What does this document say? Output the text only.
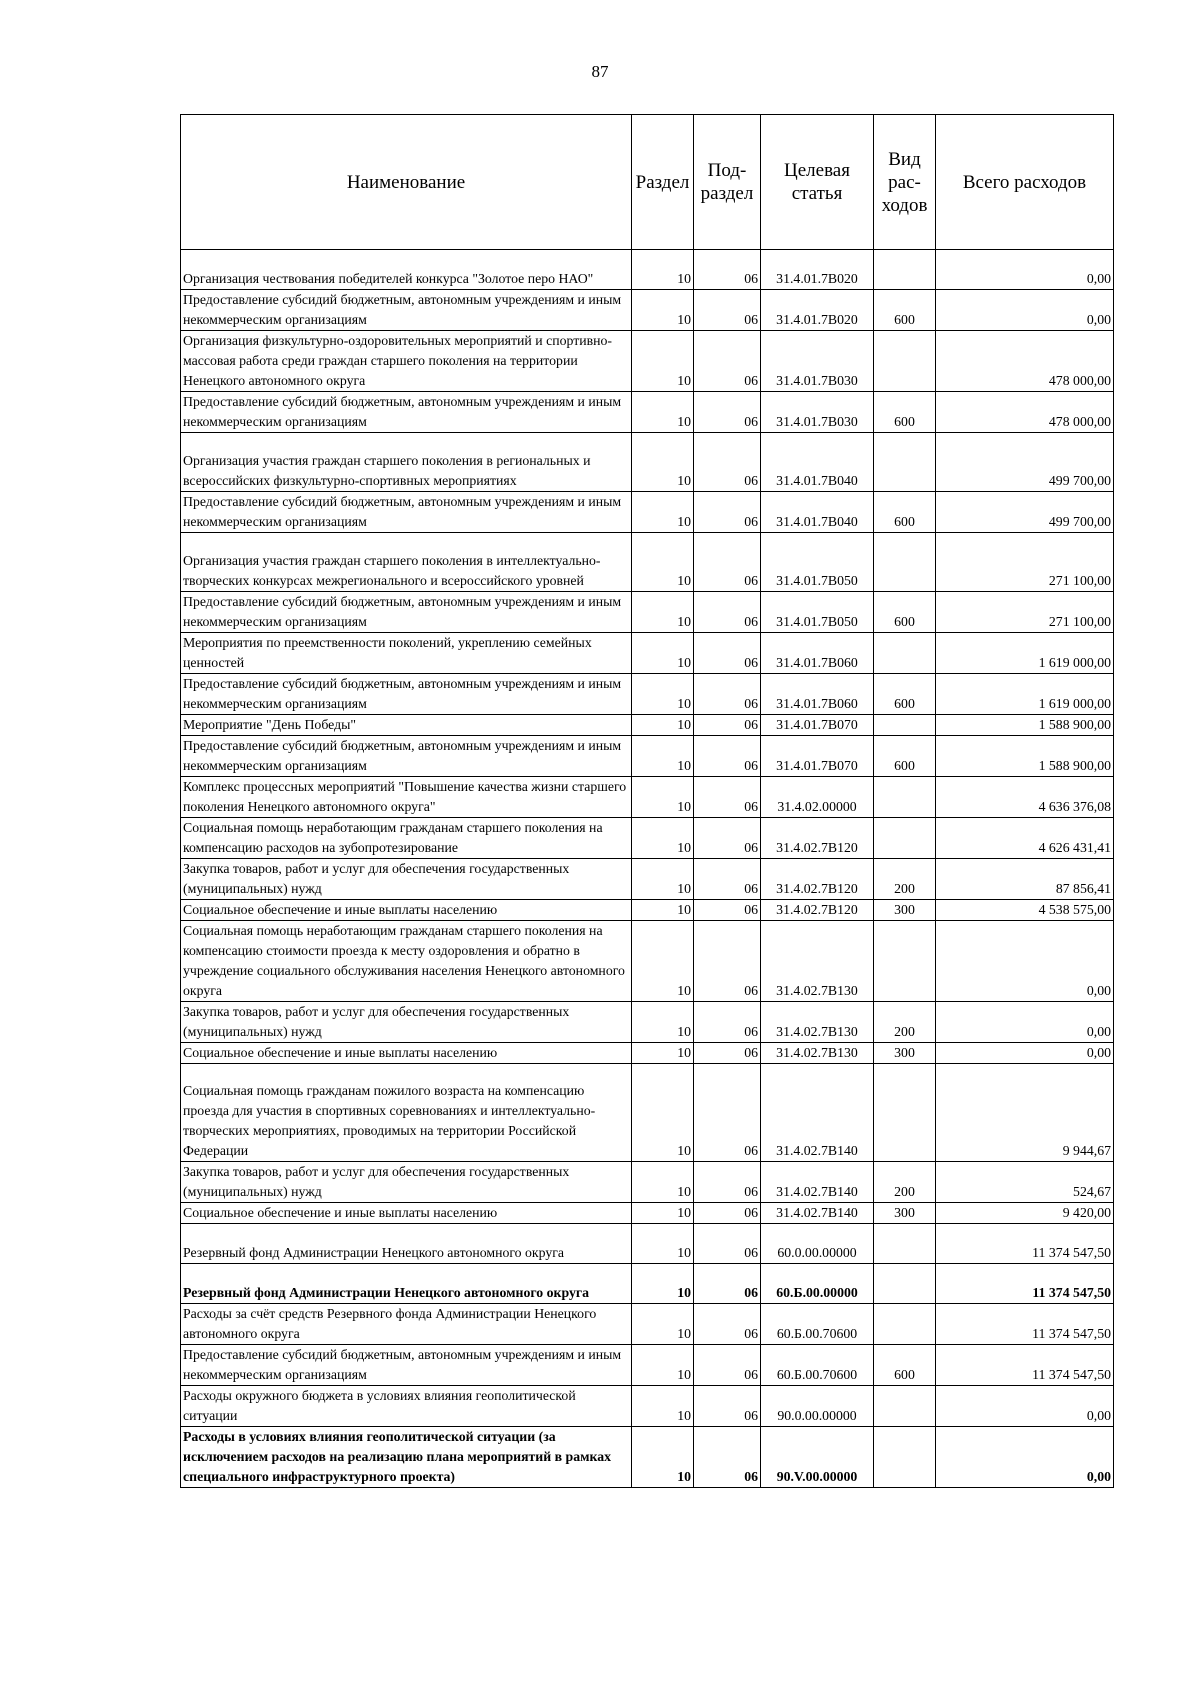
87
Наименование	Раздел	Под-раздел	Целевая статья	Вид рас-ходов	Всего расходов
Организация чествования победителей конкурса "Золотое перо НАО"	10	06	31.4.01.7В020		0,00
Предоставление субсидий бюджетным, автономным учреждениям и иным некоммерческим организациям	10	06	31.4.01.7В020	600	0,00
Организация физкультурно-оздоровительных мероприятий и спортивно-массовая работа среди граждан старшего поколения на территории Ненецкого автономного округа	10	06	31.4.01.7В030		478 000,00
Предоставление субсидий бюджетным, автономным учреждениям и иным некоммерческим организациям	10	06	31.4.01.7В030	600	478 000,00
Организация участия граждан старшего поколения в региональных и всероссийских физкультурно-спортивных мероприятиях	10	06	31.4.01.7В040		499 700,00
Предоставление субсидий бюджетным, автономным учреждениям и иным некоммерческим организациям	10	06	31.4.01.7В040	600	499 700,00
Организация участия граждан старшего поколения в интеллектуально-творческих конкурсах межрегионального и всероссийского уровней	10	06	31.4.01.7В050		271 100,00
Предоставление субсидий бюджетным, автономным учреждениям и иным некоммерческим организациям	10	06	31.4.01.7В050	600	271 100,00
Мероприятия по преемственности поколений, укреплению семейных ценностей	10	06	31.4.01.7В060		1 619 000,00
Предоставление субсидий бюджетным, автономным учреждениям и иным некоммерческим организациям	10	06	31.4.01.7В060	600	1 619 000,00
Мероприятие "День Победы"	10	06	31.4.01.7В070		1 588 900,00
Предоставление субсидий бюджетным, автономным учреждениям и иным некоммерческим организациям	10	06	31.4.01.7В070	600	1 588 900,00
Комплекс процессных мероприятий "Повышение качества жизни старшего поколения Ненецкого автономного округа"	10	06	31.4.02.00000		4 636 376,08
Социальная помощь неработающим гражданам старшего поколения на компенсацию расходов на зубопротезирование	10	06	31.4.02.7В120		4 626 431,41
Закупка товаров, работ и услуг для обеспечения государственных (муниципальных) нужд	10	06	31.4.02.7В120	200	87 856,41
Социальное обеспечение и иные выплаты населению	10	06	31.4.02.7В120	300	4 538 575,00
Социальная помощь неработающим гражданам старшего поколения на компенсацию стоимости проезда к месту оздоровления и обратно в учреждение социального обслуживания населения Ненецкого автономного округа	10	06	31.4.02.7В130		0,00
Закупка товаров, работ и услуг для обеспечения государственных (муниципальных) нужд	10	06	31.4.02.7В130	200	0,00
Социальное обеспечение и иные выплаты населению	10	06	31.4.02.7В130	300	0,00
Социальная помощь гражданам пожилого возраста на компенсацию проезда для участия в спортивных соревнованиях и интеллектуально-творческих мероприятиях, проводимых на территории Российской Федерации	10	06	31.4.02.7В140		9 944,67
Закупка товаров, работ и услуг для обеспечения государственных (муниципальных) нужд	10	06	31.4.02.7В140	200	524,67
Социальное обеспечение и иные выплаты населению	10	06	31.4.02.7В140	300	9 420,00
Резервный фонд Администрации Ненецкого автономного округа	10	06	60.0.00.00000		11 374 547,50
Резервный фонд Администрации Ненецкого автономного округа	10	06	60.Б.00.00000		11 374 547,50
Расходы за счёт средств Резервного фонда Администрации Ненецкого автономного округа	10	06	60.Б.00.70600		11 374 547,50
Предоставление субсидий бюджетным, автономным учреждениям и иным некоммерческим организациям	10	06	60.Б.00.70600	600	11 374 547,50
Расходы окружного бюджета в условиях влияния геополитической ситуации	10	06	90.0.00.00000		0,00
Расходы в условиях влияния геополитической ситуации (за исключением расходов на реализацию плана мероприятий в рамках специального инфраструктурного проекта)	10	06	90.V.00.00000		0,00
